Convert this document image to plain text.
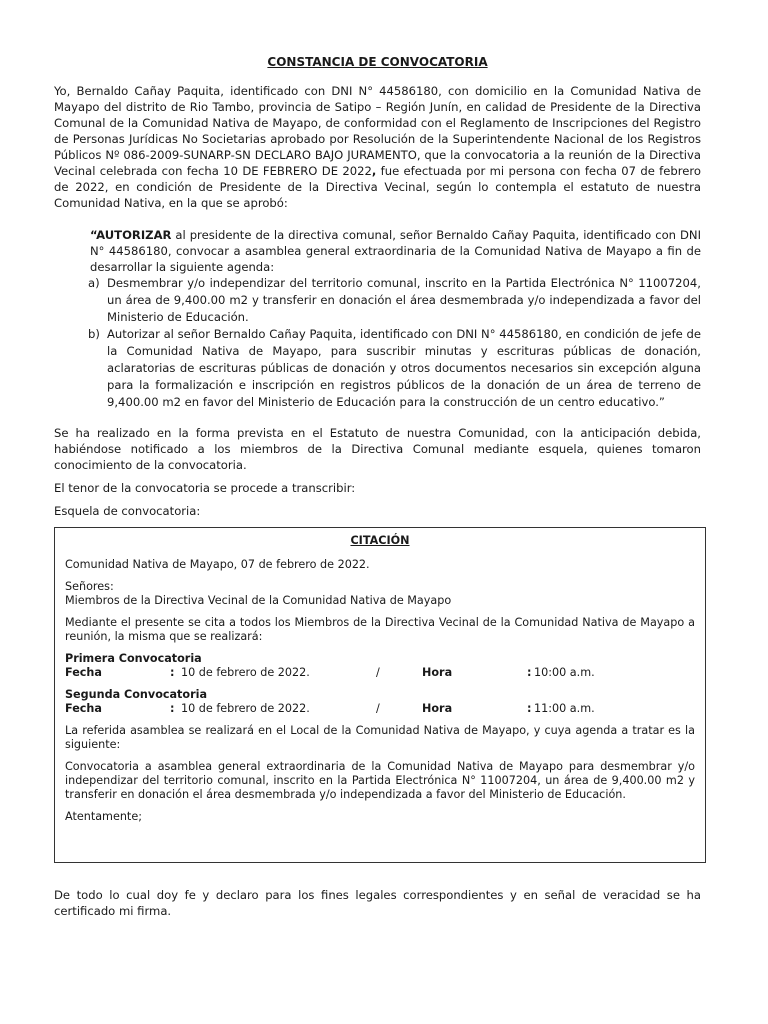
CONSTANCIA DE CONVOCATORIA

Yo, Bernaldo Cañay Paquita, identificado con DNI N° 44586180, con domicilio en la Comunidad Nativa de Mayapo del distrito de Rio Tambo, provincia de Satipo – Región Junín, en calidad de Presidente de la Directiva Comunal de la Comunidad Nativa de Mayapo, de conformidad con el Reglamento de Inscripciones del Registro de Personas Jurídicas No Societarias aprobado por Resolución de la Superintendente Nacional de los Registros Públicos Nº 086-2009-SUNARP-SN DECLARO BAJO JURAMENTO, que la convocatoria a la reunión de la Directiva Vecinal celebrada con fecha 10 DE FEBRERO DE 2022, fue efectuada por mi persona con fecha 07 de febrero de 2022, en condición de Presidente de la Directiva Vecinal, según lo contempla el estatuto de nuestra Comunidad Nativa, en la que se aprobó:

“AUTORIZAR al presidente de la directiva comunal, señor Bernaldo Cañay Paquita, identificado con DNI N° 44586180, convocar a asamblea general extraordinaria de la Comunidad Nativa de Mayapo a fin de desarrollar la siguiente agenda:

a) Desmembrar y/o independizar del territorio comunal, inscrito en la Partida Electrónica N° 11007204, un área de 9,400.00 m2 y transferir en donación el área desmembrada y/o independizada a favor del Ministerio de Educación.
b) Autorizar al señor Bernaldo Cañay Paquita, identificado con DNI N° 44586180, en condición de jefe de la Comunidad Nativa de Mayapo, para suscribir minutas y escrituras públicas de donación, aclaratorias de escrituras públicas de donación y otros documentos necesarios sin excepción alguna para la formalización e inscripción en registros públicos de la donación de un área de terreno de 9,400.00 m2 en favor del Ministerio de Educación para la construcción de un centro educativo.”

Se ha realizado en la forma prevista en el Estatuto de nuestra Comunidad, con la anticipación debida, habiéndose notificado a los miembros de la Directiva Comunal mediante esquela, quienes tomaron conocimiento de la convocatoria.

El tenor de la convocatoria se procede a transcribir:

Esquela de convocatoria:

CITACIÓN

Comunidad Nativa de Mayapo, 07 de febrero de 2022.

Señores:
Miembros de la Directiva Vecinal de la Comunidad Nativa de Mayapo

Mediante el presente se cita a todos los Miembros de la Directiva Vecinal de la Comunidad Nativa de Mayapo a reunión, la misma que se realizará:

Primera Convocatoria
Fecha	: 10 de febrero de 2022.	/	Hora	: 10:00 a.m.
Segunda Convocatoria
Fecha	: 10 de febrero de 2022.	/	Hora	: 11:00 a.m.

La referida asamblea se realizará en el Local de la Comunidad Nativa de Mayapo, y cuya agenda a tratar es la siguiente:

Convocatoria a asamblea general extraordinaria de la Comunidad Nativa de Mayapo para desmembrar y/o independizar del territorio comunal, inscrito en la Partida Electrónica N° 11007204, un área de 9,400.00 m2 y transferir en donación el área desmembrada y/o independizada a favor del Ministerio de Educación.

Atentamente;

De todo lo cual doy fe y declaro para los fines legales correspondientes y en señal de veracidad se ha certificado mi firma.
